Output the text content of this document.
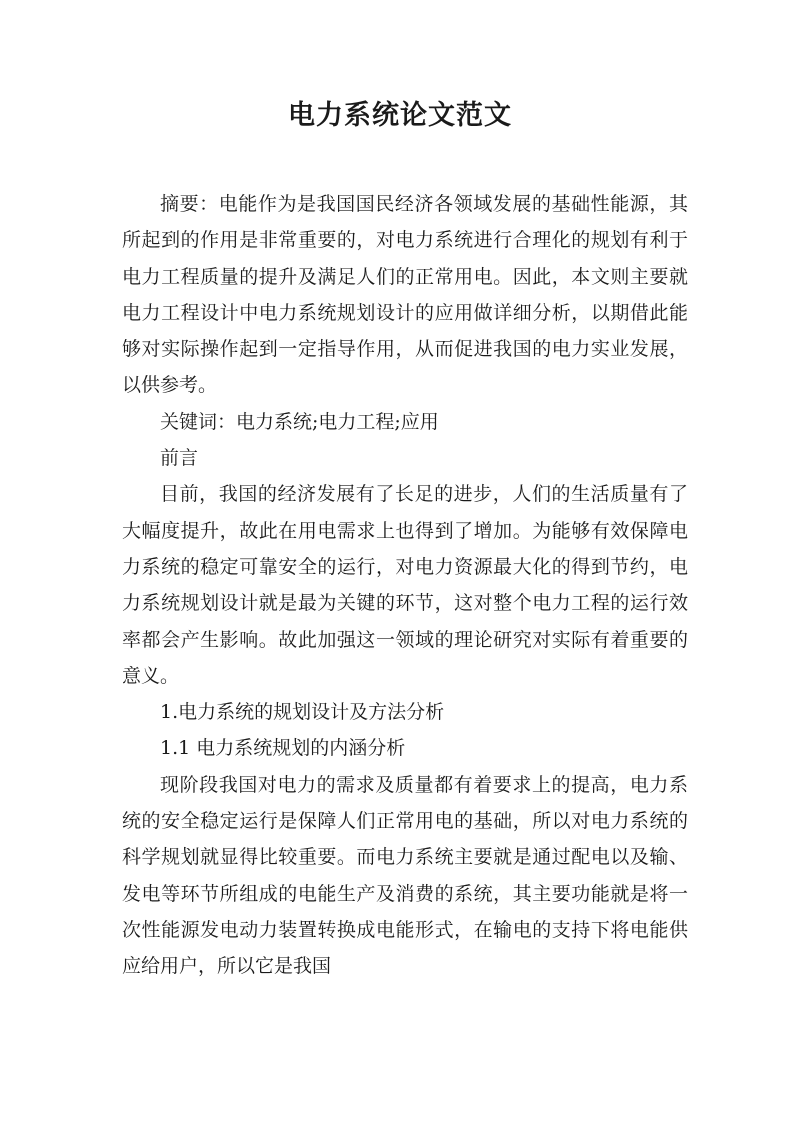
电力系统论文范文

摘要：电能作为是我国国民经济各领域发展的基础性能源，其所起到的作用是非常重要的，对电力系统进行合理化的规划有利于电力工程质量的提升及满足人们的正常用电。因此，本文则主要就电力工程设计中电力系统规划设计的应用做详细分析，以期借此能够对实际操作起到一定指导作用，从而促进我国的电力实业发展，以供参考。

关键词：电力系统;电力工程;应用

前言

目前，我国的经济发展有了长足的进步，人们的生活质量有了大幅度提升，故此在用电需求上也得到了增加。为能够有效保障电力系统的稳定可靠安全的运行，对电力资源最大化的得到节约，电力系统规划设计就是最为关键的环节，这对整个电力工程的运行效率都会产生影响。故此加强这一领域的理论研究对实际有着重要的意义。

1.电力系统的规划设计及方法分析

1.1 电力系统规划的内涵分析

现阶段我国对电力的需求及质量都有着要求上的提高，电力系统的安全稳定运行是保障人们正常用电的基础，所以对电力系统的科学规划就显得比较重要。而电力系统主要就是通过配电以及输、发电等环节所组成的电能生产及消费的系统，其主要功能就是将一次性能源发电动力装置转换成电能形式，在输电的支持下将电能供应给用户，所以它是我国
